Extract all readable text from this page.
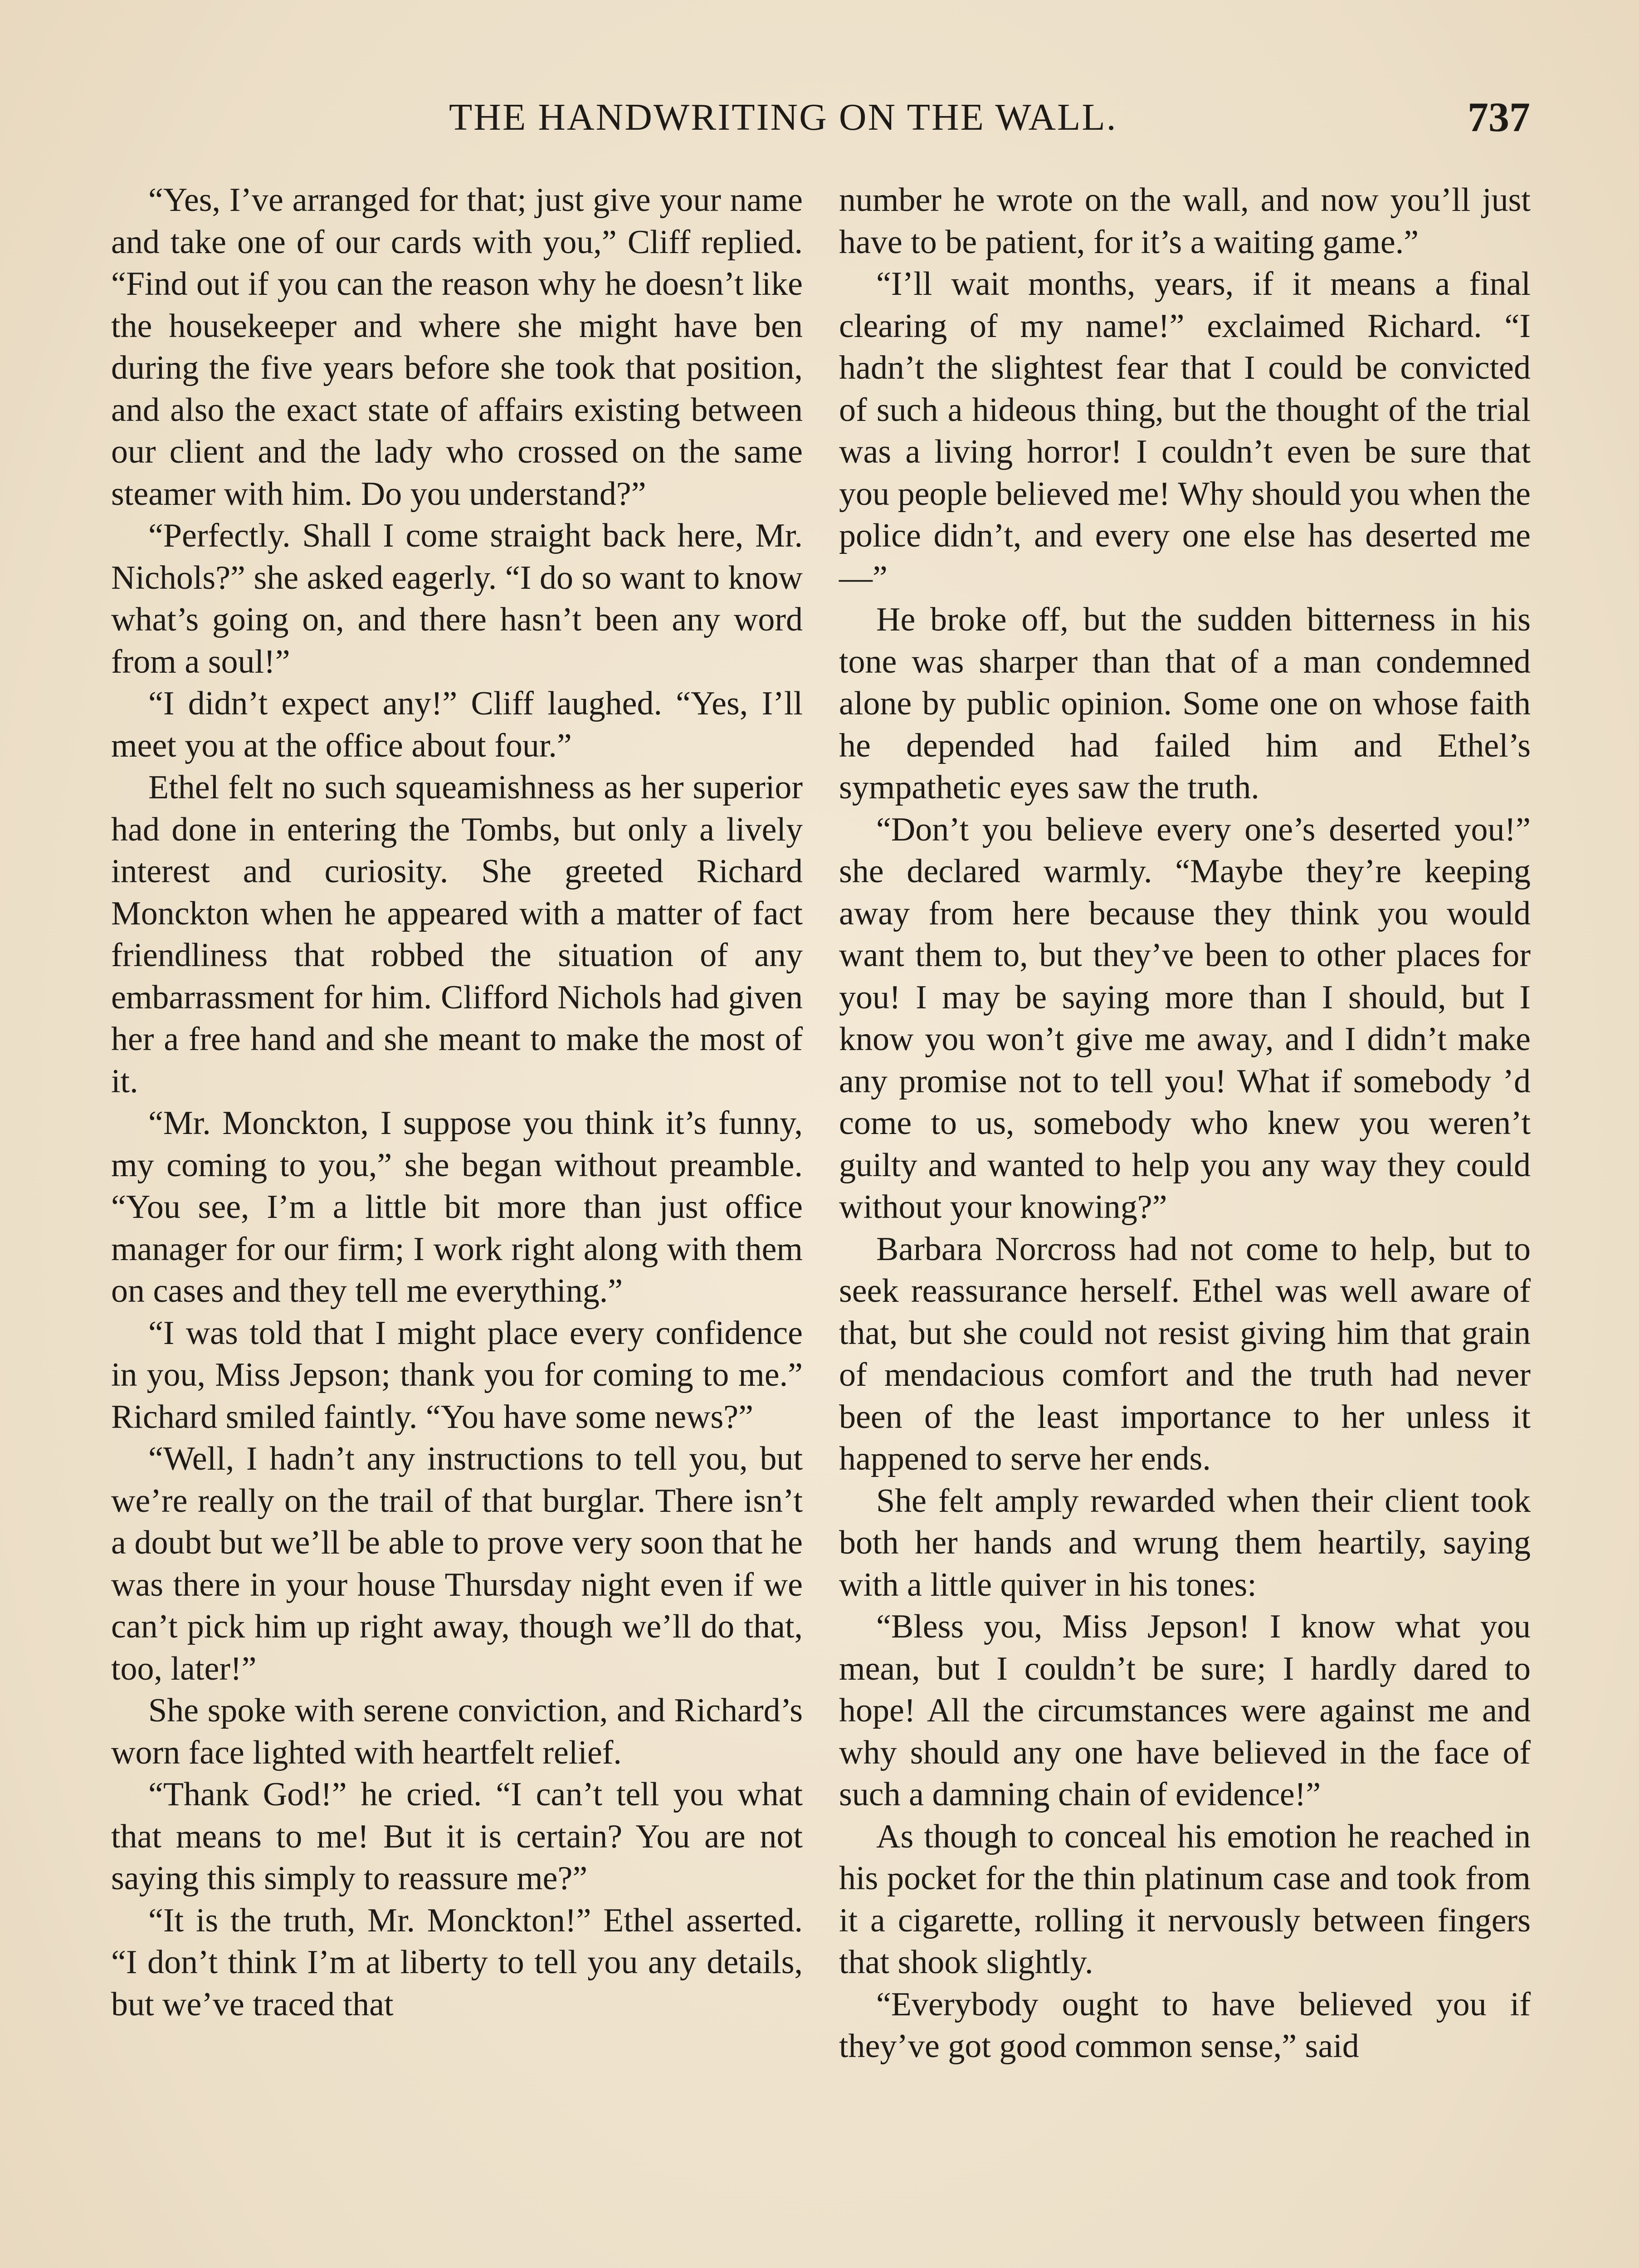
THE HANDWRITING ON THE WALL.	737

“Yes, I’ve arranged for that; just give your name and take one of our cards with you,” Cliff replied. “Find out if you can the reason why he doesn’t like the housekeeper and where she might have ben during the five years before she took that position, and also the exact state of affairs existing between our client and the lady who crossed on the same steamer with him. Do you understand?”

“Perfectly. Shall I come straight back here, Mr. Nichols?” she asked eagerly. “I do so want to know what’s going on, and there hasn’t been any word from a soul!”

“I didn’t expect any!” Cliff laughed. “Yes, I’ll meet you at the office about four.”

Ethel felt no such squeamishness as her superior had done in entering the Tombs, but only a lively interest and curiosity. She greeted Richard Monckton when he appeared with a matter of fact friendliness that robbed the situation of any embarrassment for him. Clifford Nichols had given her a free hand and she meant to make the most of it.

“Mr. Monckton, I suppose you think it’s funny, my coming to you,” she began without preamble. “You see, I’m a little bit more than just office manager for our firm; I work right along with them on cases and they tell me everything.”

“I was told that I might place every confidence in you, Miss Jepson; thank you for coming to me.” Richard smiled faintly. “You have some news?”

“Well, I hadn’t any instructions to tell you, but we’re really on the trail of that burglar. There isn’t a doubt but we’ll be able to prove very soon that he was there in your house Thursday night even if we can’t pick him up right away, though we’ll do that, too, later!”

She spoke with serene conviction, and Richard’s worn face lighted with heartfelt relief.

“Thank God!” he cried. “I can’t tell you what that means to me! But it is certain? You are not saying this simply to reassure me?”

“It is the truth, Mr. Monckton!” Ethel asserted. “I don’t think I’m at liberty to tell you any details, but we’ve traced that

number he wrote on the wall, and now you’ll just have to be patient, for it’s a waiting game.”

“I’ll wait months, years, if it means a final clearing of my name!” exclaimed Richard. “I hadn’t the slightest fear that I could be convicted of such a hideous thing, but the thought of the trial was a living horror! I couldn’t even be sure that you people believed me! Why should you when the police didn’t, and every one else has deserted me—”

He broke off, but the sudden bitterness in his tone was sharper than that of a man condemned alone by public opinion. Some one on whose faith he depended had failed him and Ethel’s sympathetic eyes saw the truth.

“Don’t you believe every one’s deserted you!” she declared warmly. “Maybe they’re keeping away from here because they think you would want them to, but they’ve been to other places for you! I may be saying more than I should, but I know you won’t give me away, and I didn’t make any promise not to tell you! What if somebody ’d come to us, somebody who knew you weren’t guilty and wanted to help you any way they could without your knowing?”

Barbara Norcross had not come to help, but to seek reassurance herself. Ethel was well aware of that, but she could not resist giving him that grain of mendacious comfort and the truth had never been of the least importance to her unless it happened to serve her ends.

She felt amply rewarded when their client took both her hands and wrung them heartily, saying with a little quiver in his tones:

“Bless you, Miss Jepson! I know what you mean, but I couldn’t be sure; I hardly dared to hope! All the circumstances were against me and why should any one have believed in the face of such a damning chain of evidence!”

As though to conceal his emotion he reached in his pocket for the thin platinum case and took from it a cigarette, rolling it nervously between fingers that shook slightly.

“Everybody ought to have believed you if they’ve got good common sense,” said
